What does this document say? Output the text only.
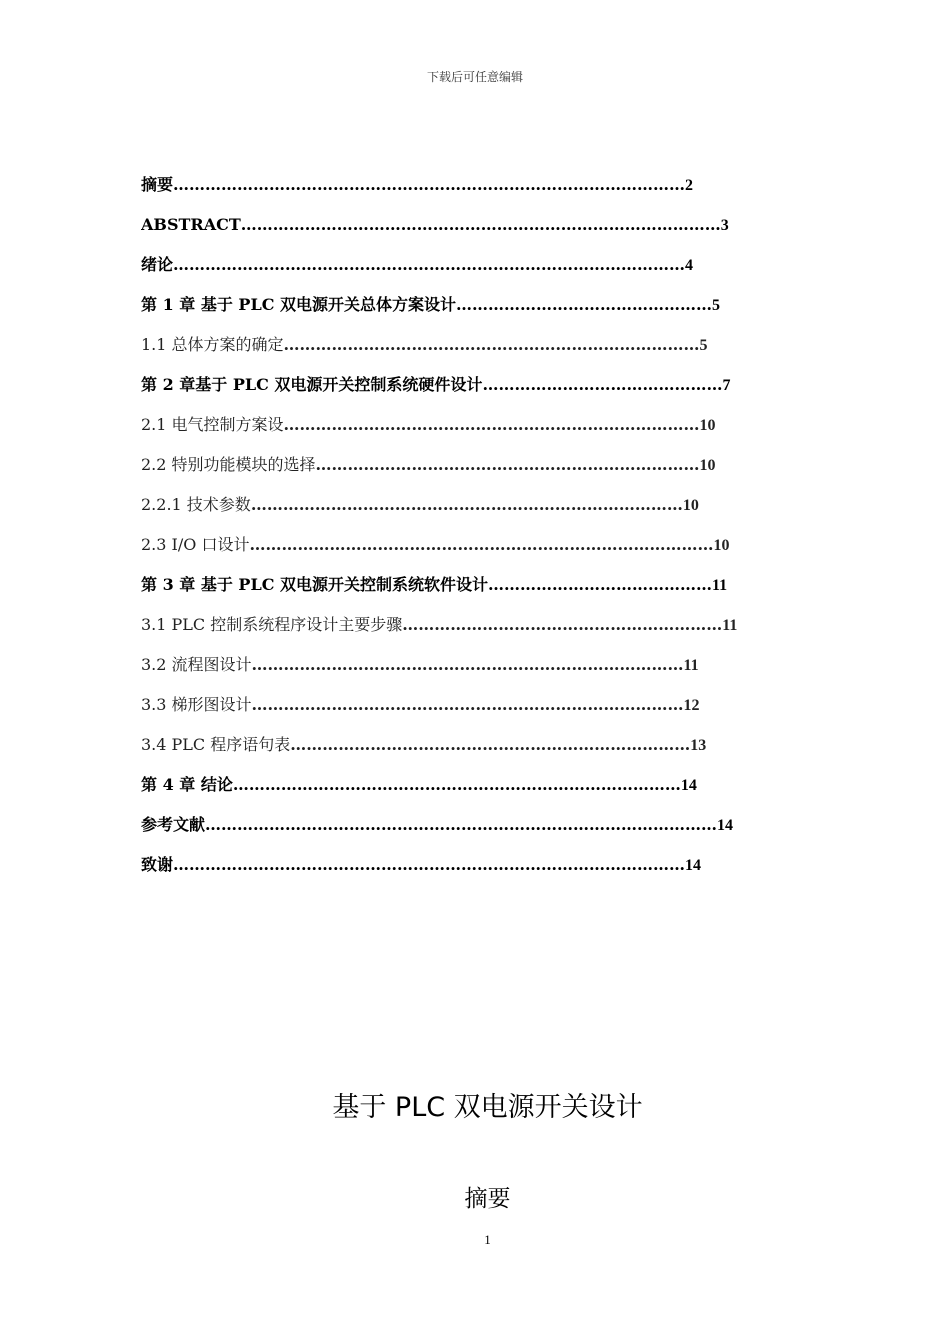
下载后可任意编辑
摘要……………………………………………………………………………………2
ABSTRACT………………………………………………………………………………3
绪论……………………………………………………………………………………4
第 1 章 基于 PLC 双电源开关总体方案设计…………………………………………5
1.1 总体方案的确定……………………………………………………………………5
第 2 章基于 PLC 双电源开关控制系统硬件设计………………………………………7
2.1 电气控制方案设……………………………………………………………………10
2.2 特别功能模块的选择………………………………………………………………10
2.2.1 技术参数………………………………………………………………………10
2.3 I/O 口设计……………………………………………………………………………10
第 3 章 基于 PLC 双电源开关控制系统软件设计……………………………………11
3.1 PLC 控制系统程序设计主要步骤……………………………………………………11
3.2 流程图设计………………………………………………………………………11
3.3 梯形图设计………………………………………………………………………12
3.4 PLC 程序语句表…………………………………………………………………13
第 4 章 结论…………………………………………………………………………14
参考文献……………………………………………………………………………………14
致谢……………………………………………………………………………………14
基于 PLC 双电源开关设计
摘要
1
